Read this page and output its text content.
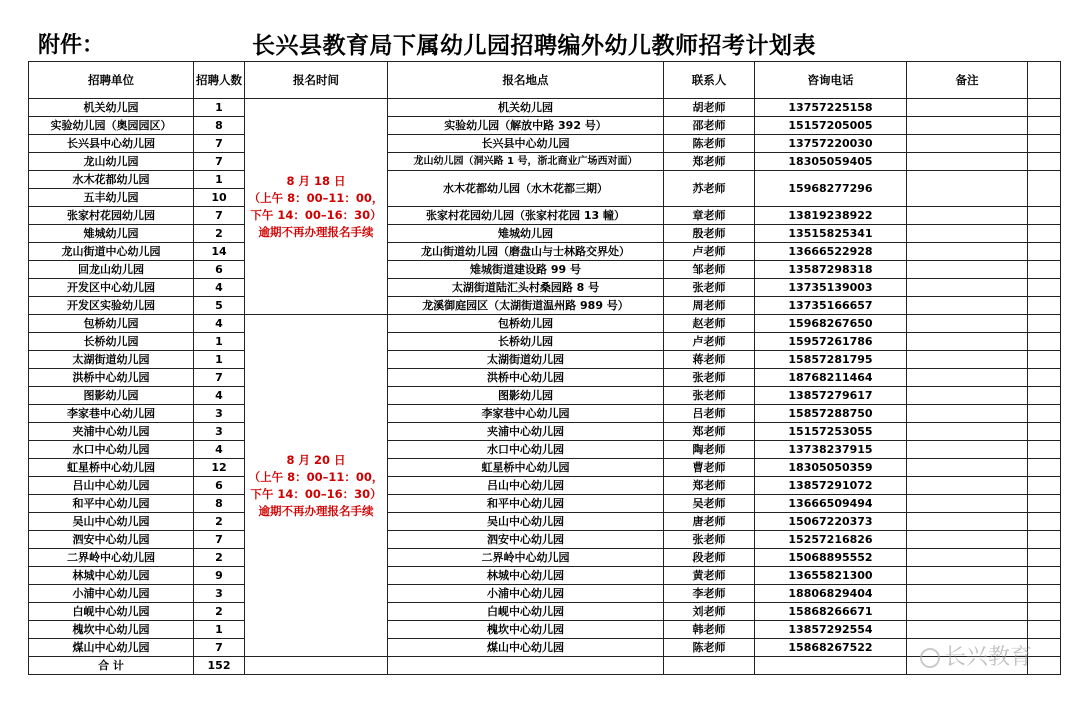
附件：	长兴县教育局下属幼儿园招聘编外幼儿教师招考计划表
招聘单位	招聘人数	报名时间	报名地点	联系人	咨询电话	备注	
机关幼儿园	1	8 月 18 日
（上午 8：00–11：00，
下午 14：00–16：30）
逾期不再办理报名手续	机关幼儿园	胡老师	13757225158		
实验幼儿园（奥园园区）	8		实验幼儿园（解放中路 392 号）	邵老师	15157205005		
长兴县中心幼儿园	7		长兴县中心幼儿园	陈老师	13757220030		
龙山幼儿园	7		龙山幼儿园（洞兴路 1 号，浙北商业广场西对面）	郑老师	18305059405		
水木花都幼儿园	1		水木花都幼儿园（水木花都三期）	苏老师	15968277296		
五丰幼儿园	10						
张家村花园幼儿园	7		张家村花园幼儿园（张家村花园 13 幢）	章老师	13819238922		
雉城幼儿园	2		雉城幼儿园	殷老师	13515825341		
龙山街道中心幼儿园	14		龙山街道幼儿园（磨盘山与士林路交界处）	卢老师	13666522928		
回龙山幼儿园	6		雉城街道建设路 99 号	邹老师	13587298318		
开发区中心幼儿园	4		太湖街道陆汇头村桑园路 8 号	张老师	13735139003		
开发区实验幼儿园	5		龙溪御庭园区（太湖街道温州路 989 号）	周老师	13735166657		
包桥幼儿园	4	8 月 20 日
（上午 8：00–11：00，
下午 14：00–16：30）
逾期不再办理报名手续	包桥幼儿园	赵老师	15968267650		
长桥幼儿园	1		长桥幼儿园	卢老师	15957261786		
太湖街道幼儿园	1		太湖街道幼儿园	蒋老师	15857281795		
洪桥中心幼儿园	7		洪桥中心幼儿园	张老师	18768211464		
图影幼儿园	4		图影幼儿园	张老师	13857279617		
李家巷中心幼儿园	3		李家巷中心幼儿园	吕老师	15857288750		
夹浦中心幼儿园	3		夹浦中心幼儿园	郑老师	15157253055		
水口中心幼儿园	4		水口中心幼儿园	陶老师	13738237915		
虹星桥中心幼儿园	12		虹星桥中心幼儿园	曹老师	18305050359		
吕山中心幼儿园	6		吕山中心幼儿园	郑老师	13857291072		
和平中心幼儿园	8		和平中心幼儿园	吴老师	13666509494		
吴山中心幼儿园	2		吴山中心幼儿园	唐老师	15067220373		
泗安中心幼儿园	7		泗安中心幼儿园	张老师	15257216826		
二界岭中心幼儿园	2		二界岭中心幼儿园	段老师	15068895552		
林城中心幼儿园	9		林城中心幼儿园	黄老师	13655821300		
小浦中心幼儿园	3		小浦中心幼儿园	李老师	18806829404		
白岘中心幼儿园	2		白岘中心幼儿园	刘老师	15868266671		
槐坎中心幼儿园	1		槐坎中心幼儿园	韩老师	13857292554		
煤山中心幼儿园	7		煤山中心幼儿园	陈老师	15868267522		
合 计	152							长兴教育
